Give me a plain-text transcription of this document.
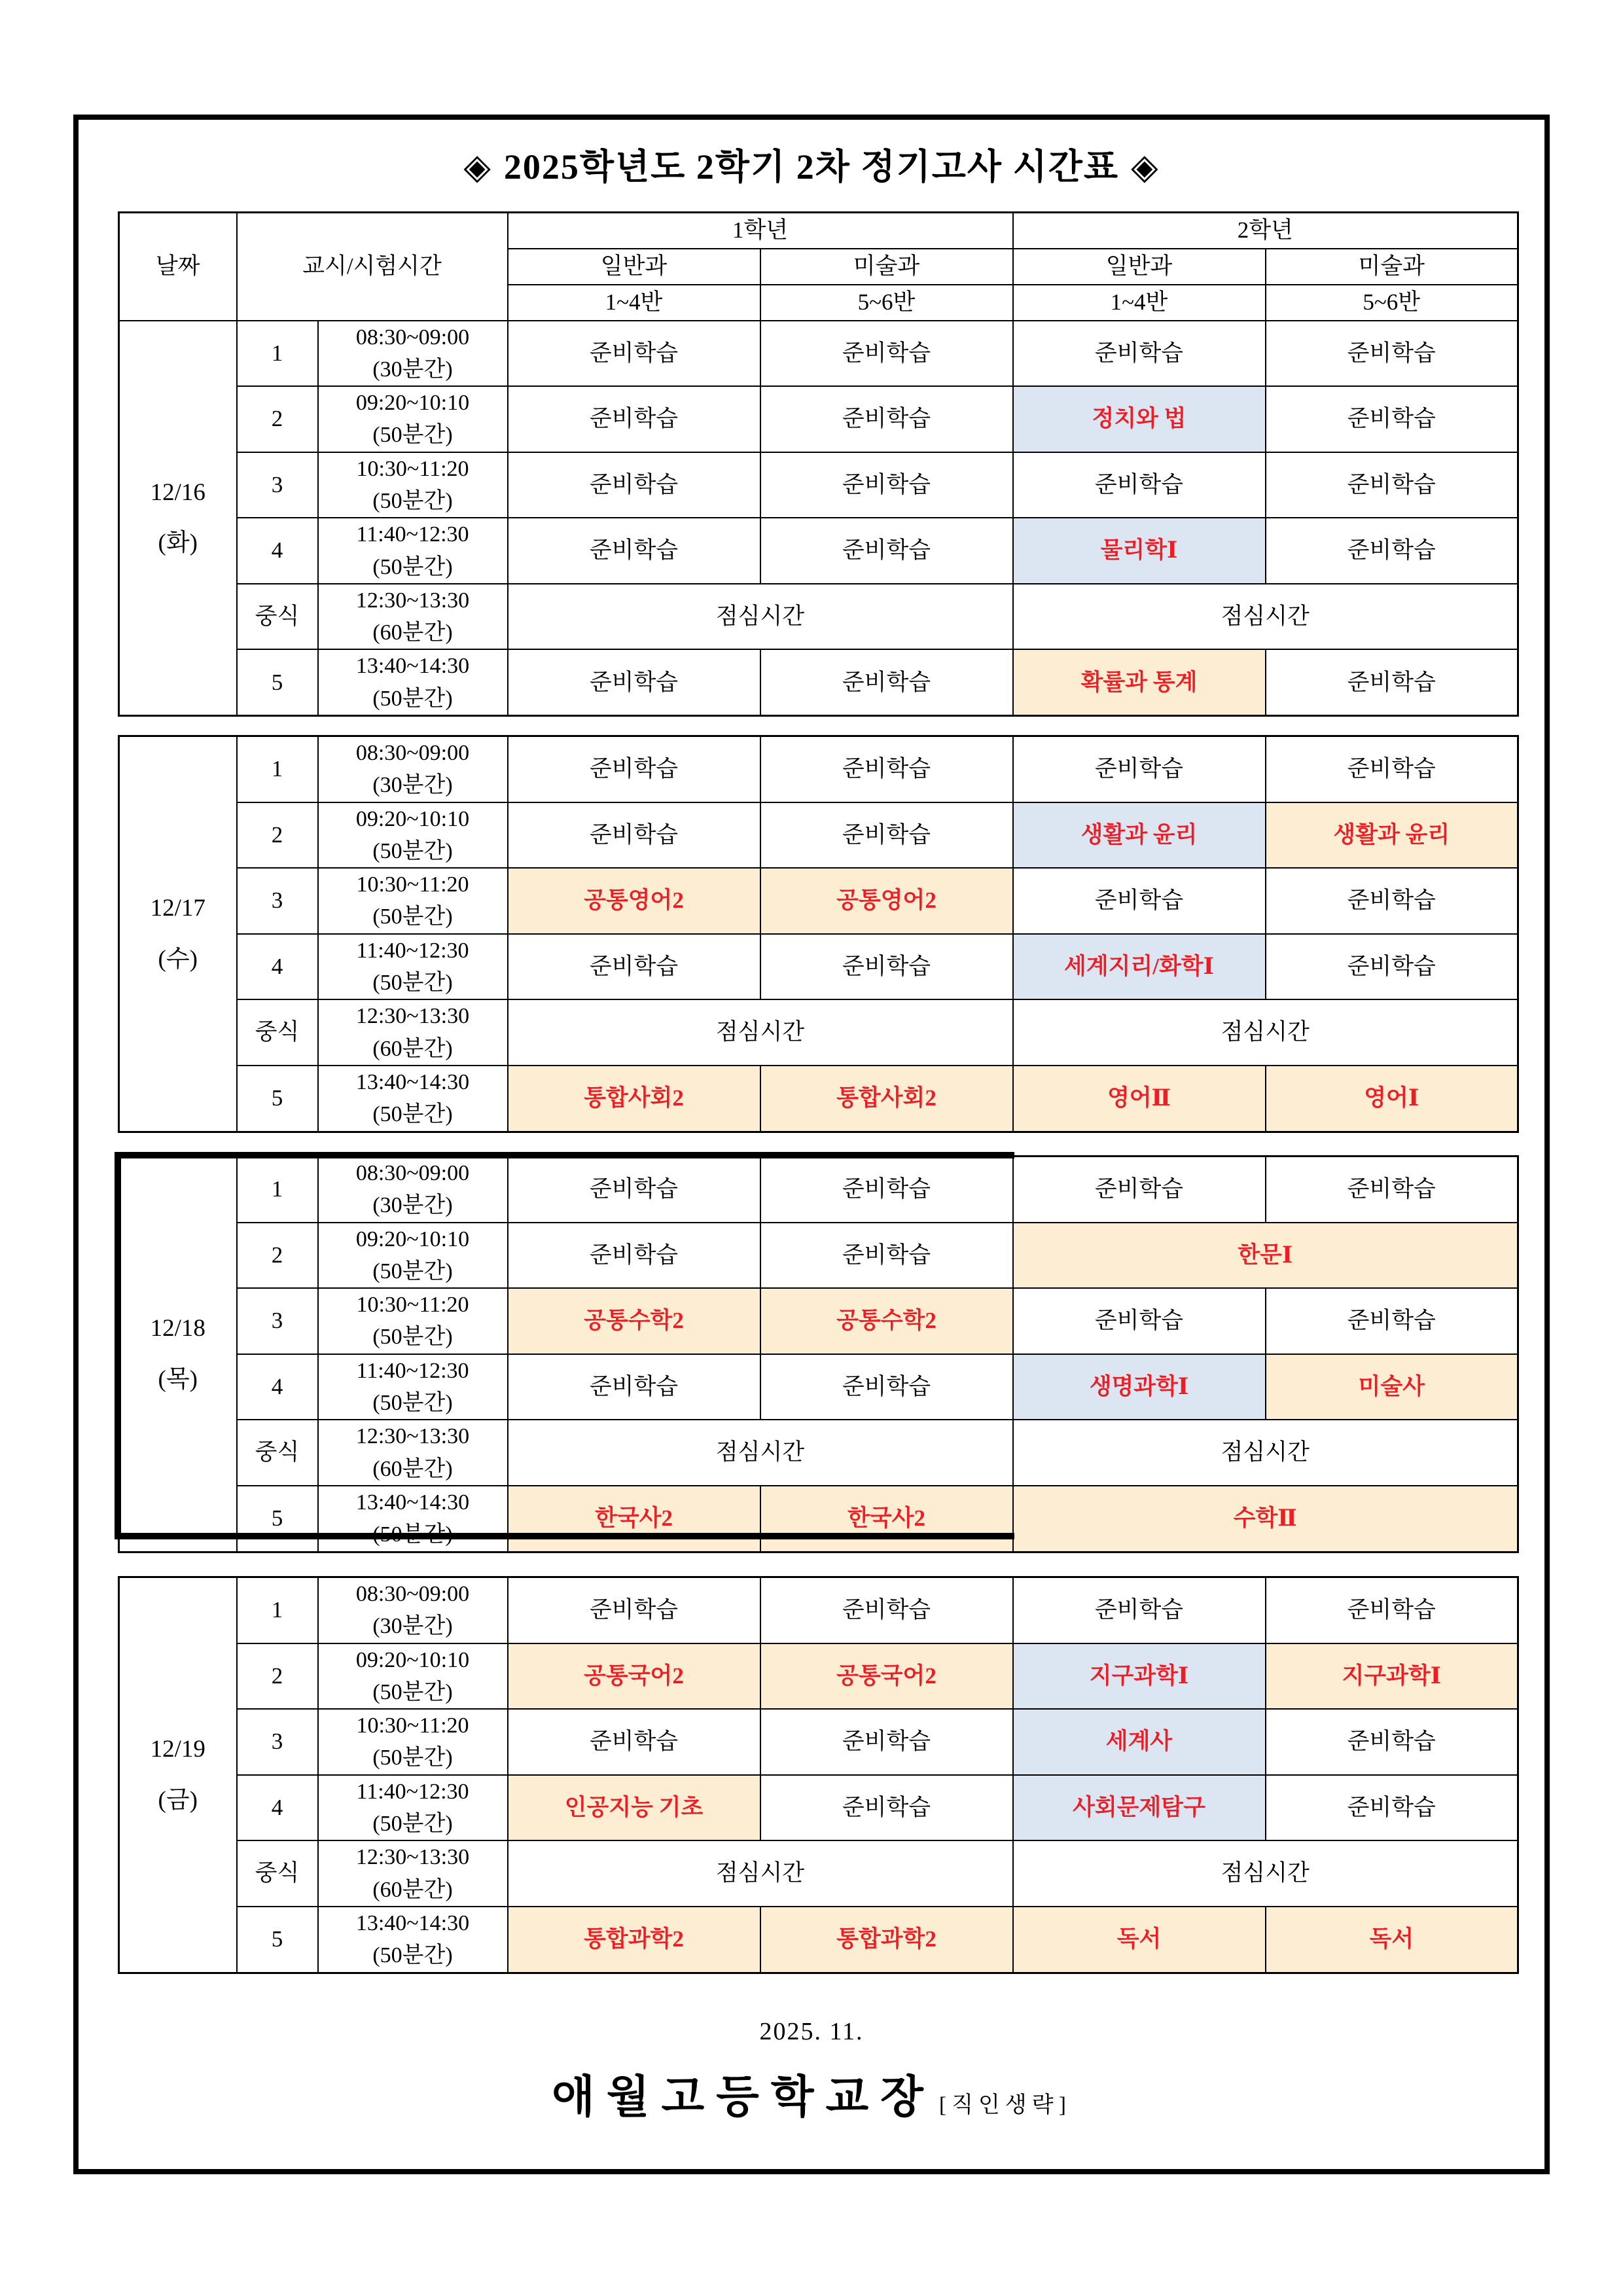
◈ 2025학년도 2학기 2차 정기고사 시간표 ◈
날짜	교시/시험시간		1학년		2학년	
			일반과	미술과	일반과	미술과
			1~4반	5~6반	1~4반	5~6반
12/16
(화)	1	08:30~09:00
(30분간)	준비학습	준비학습	준비학습	준비학습
	2	09:20~10:10
(50분간)	준비학습	준비학습	정치와 법	준비학습
	3	10:30~11:20
(50분간)	준비학습	준비학습	준비학습	준비학습
	4	11:40~12:30
(50분간)	준비학습	준비학습	물리학Ⅰ	준비학습
	중식	12:30~13:30
(60분간)	점심시간		점심시간	
	5	13:40~14:30
(50분간)	준비학습	준비학습	확률과 통계	준비학습
12/17
(수)	1	08:30~09:00
(30분간)	준비학습	준비학습	준비학습	준비학습
	2	09:20~10:10
(50분간)	준비학습	준비학습	생활과 윤리	생활과 윤리
	3	10:30~11:20
(50분간)	공통영어2	공통영어2	준비학습	준비학습
	4	11:40~12:30
(50분간)	준비학습	준비학습	세계지리/화학Ⅰ	준비학습
	중식	12:30~13:30
(60분간)	점심시간		점심시간	
	5	13:40~14:30
(50분간)	통합사회2	통합사회2	영어Ⅱ	영어Ⅰ
12/18
(목)	1	08:30~09:00
(30분간)	준비학습	준비학습	준비학습	준비학습
	2	09:20~10:10
(50분간)	준비학습	준비학습	한문Ⅰ	
	3	10:30~11:20
(50분간)	공통수학2	공통수학2	준비학습	준비학습
	4	11:40~12:30
(50분간)	준비학습	준비학습	생명과학Ⅰ	미술사
	중식	12:30~13:30
(60분간)	점심시간		점심시간	
	5	13:40~14:30	한국사2	한국사2	수학Ⅱ	
12/19
(금)	1	08:30~09:00
(30분간)	준비학습	준비학습	준비학습	준비학습
	2	09:20~10:10
(50분간)	공통국어2	공통국어2	지구과학Ⅰ	지구과학Ⅰ
	3	10:30~11:20
(50분간)	준비학습	준비학습	세계사	준비학습
	4	11:40~12:30
(50분간)	인공지능 기초	준비학습	사회문제탐구	준비학습
	중식	12:30~13:30
(60분간)	점심시간		점심시간	
	5	13:40~14:30
(50분간)	통합과학2	통합과학2	독서	독서
2025. 11.
애월고등학교장 [직인생략]
